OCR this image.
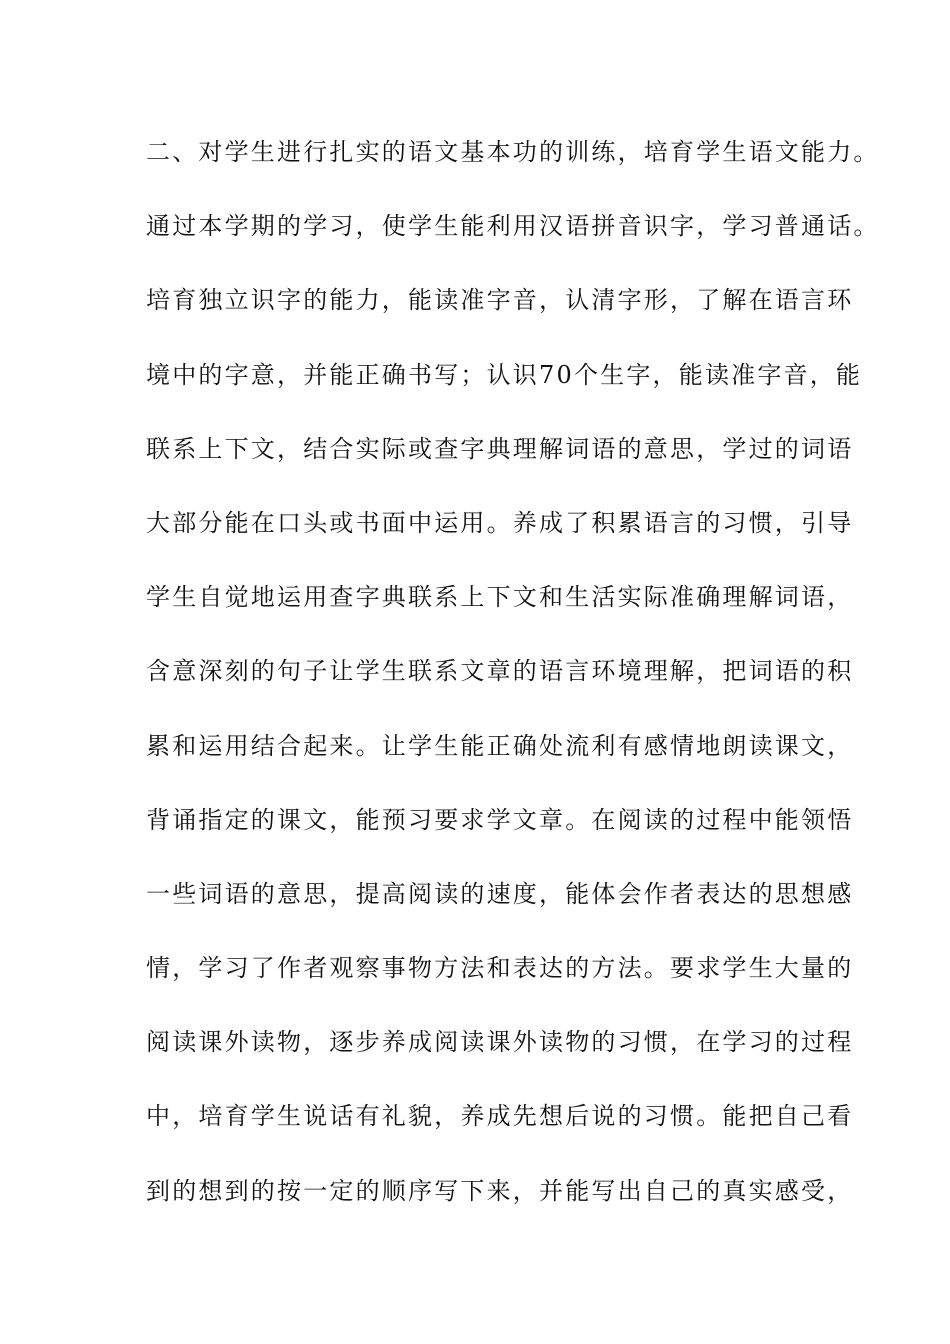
二、对学生进行扎实的语文基本功的训练，培育学生语文能力。
通过本学期的学习，使学生能利用汉语拼音识字，学习普通话。
培育独立识字的能力，能读准字音，认清字形，了解在语言环
境中的字意，并能正确书写；认识70个生字，能读准字音，能
联系上下文，结合实际或查字典理解词语的意思，学过的词语
大部分能在口头或书面中运用。养成了积累语言的习惯，引导
学生自觉地运用查字典联系上下文和生活实际准确理解词语，
含意深刻的句子让学生联系文章的语言环境理解，把词语的积
累和运用结合起来。让学生能正确处流利有感情地朗读课文，
背诵指定的课文，能预习要求学文章。在阅读的过程中能领悟
一些词语的意思，提高阅读的速度，能体会作者表达的思想感
情，学习了作者观察事物方法和表达的方法。要求学生大量的
阅读课外读物，逐步养成阅读课外读物的习惯，在学习的过程
中，培育学生说话有礼貌，养成先想后说的习惯。能把自己看
到的想到的按一定的顺序写下来，并能写出自己的真实感受，
